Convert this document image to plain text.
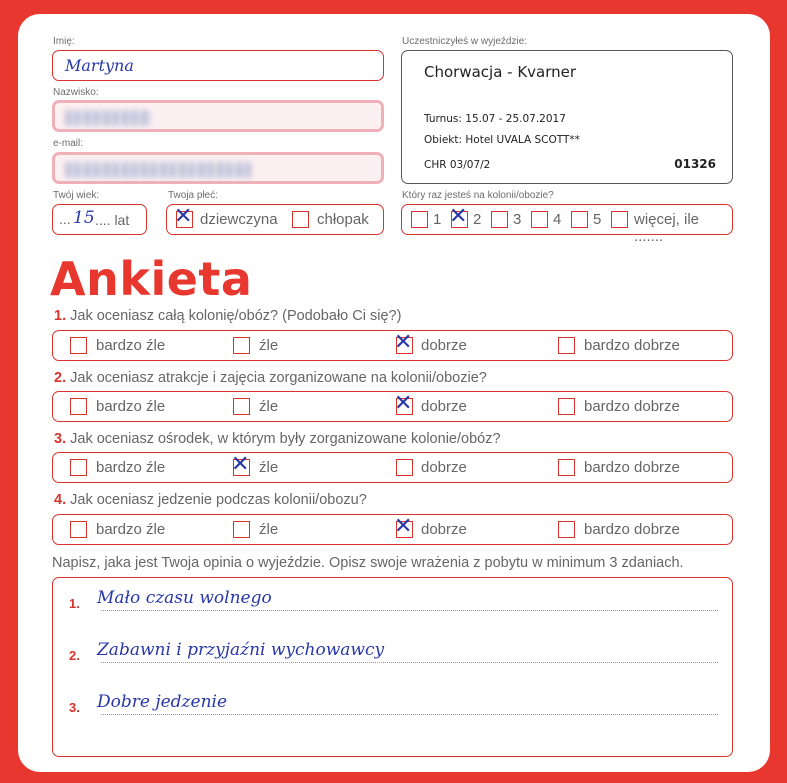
Imię:
Martyna
Nazwisko:
e-mail:
Twój wiek:
... 15 .... lat
Twoja płeć:
✕ dziewczyna	chłopak
Uczestniczyłeś w wyjeździe:
Chorwacja - Kvarner
Turnus: 15.07 - 25.07.2017
Obiekt: Hotel UVALA SCOTT**
CHR 03/07/2	01326
Który raz jesteś na kolonii/obozie?
1 ✕ 2 3 4 5 więcej, ile .......
Ankieta
1. Jak oceniasz całą kolonię/obóz? (Podobało Ci się?)
bardzo źle	źle	✕ dobrze	bardzo dobrze
2. Jak oceniasz atrakcje i zajęcia zorganizowane na kolonii/obozie?
bardzo źle	źle	✕ dobrze	bardzo dobrze
3. Jak oceniasz ośrodek, w którym były zorganizowane kolonie/obóz?
bardzo źle	✕ źle	dobrze	bardzo dobrze
4. Jak oceniasz jedzenie podczas kolonii/obozu?
bardzo źle	źle	✕ dobrze	bardzo dobrze
Napisz, jaka jest Twoja opinia o wyjeździe. Opisz swoje wrażenia z pobytu w minimum 3 zdaniach.
1. Mało czasu wolnego
2. Zabawni i przyjaźni wychowawcy
3. Dobre jedzenie
